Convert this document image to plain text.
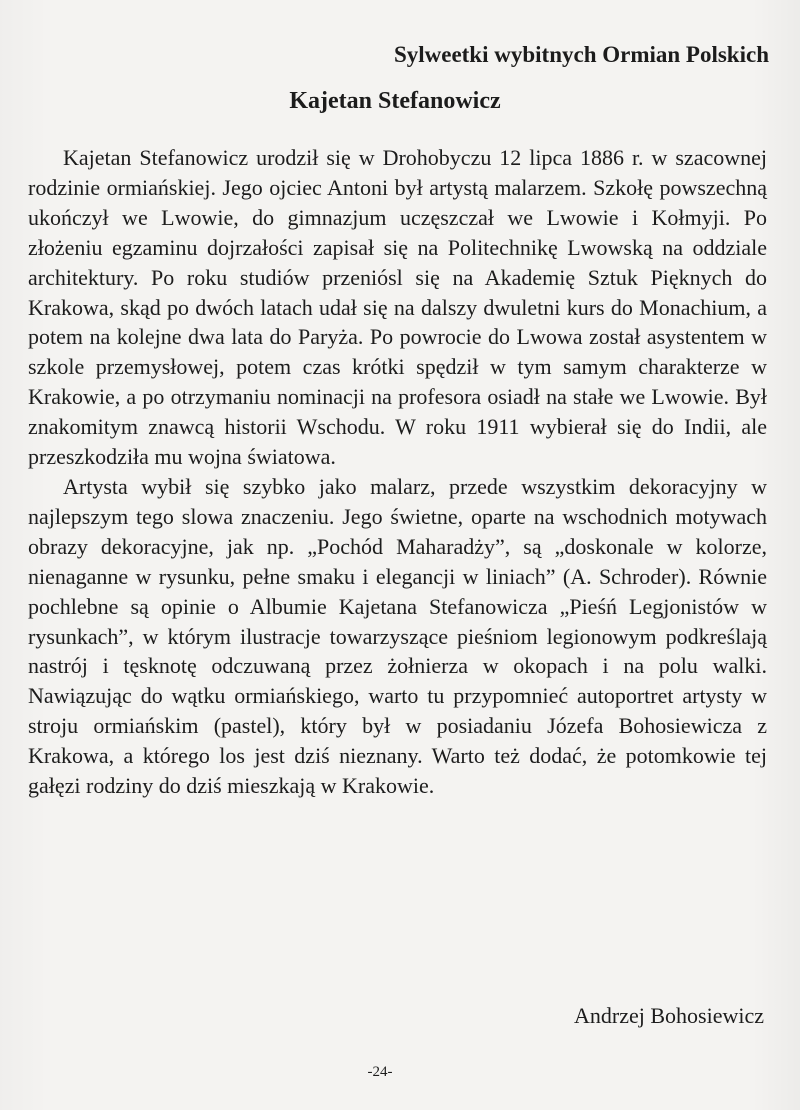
Sylweetki wybitnych Ormian Polskich
Kajetan Stefanowicz

Kajetan Stefanowicz urodził się w Drohobyczu 12 lipca 1886 r. w szacownej rodzinie ormiańskiej. Jego ojciec Antoni był artystą malarzem. Szkołę powszechną ukończył we Lwowie, do gimnazjum uczęszczał we Lwowie i Kołmyji. Po złożeniu egzaminu dojrzałości zapisał się na Politechnikę Lwowską na oddziale architektury. Po roku studiów przeniósl się na Akademię Sztuk Pięknych do Krakowa, skąd po dwóch latach udał się na dalszy dwuletni kurs do Monachium, a potem na kolejne dwa lata do Paryża. Po powrocie do Lwowa został asystentem w szkole przemysłowej, potem czas krótki spędził w tym samym charakterze w Krakowie, a po otrzymaniu nominacji na profesora osiadł na stałe we Lwowie. Był znakomitym znawcą historii Wschodu. W roku 1911 wybierał się do Indii, ale przeszkodziła mu wojna światowa.

Artysta wybił się szybko jako malarz, przede wszystkim dekoracyjny w najlepszym tego slowa znaczeniu. Jego świetne, oparte na wschodnich motywach obrazy dekoracyjne, jak np. „Pochód Maharadży”, są „doskonale w kolorze, nienaganne w rysunku, pełne smaku i elegancji w liniach” (A. Schroder). Równie pochlebne są opinie o Albumie Kajetana Stefanowicza „Pieśń Legjonistów w rysunkach”, w którym ilustracje towarzyszące pieśniom legionowym podkreślają nastrój i tęsknotę odczuwaną przez żołnierza w okopach i na polu walki. Nawiązując do wątku ormiańskiego, warto tu przypomnieć autoportret artysty w stroju ormiańskim (pastel), który był w posiadaniu Józefa Bohosiewicza z Krakowa, a którego los jest dziś nieznany. Warto też dodać, że potomkowie tej gałęzi rodziny do dziś mieszkają w Krakowie.

Andrzej Bohosiewicz

-24-
